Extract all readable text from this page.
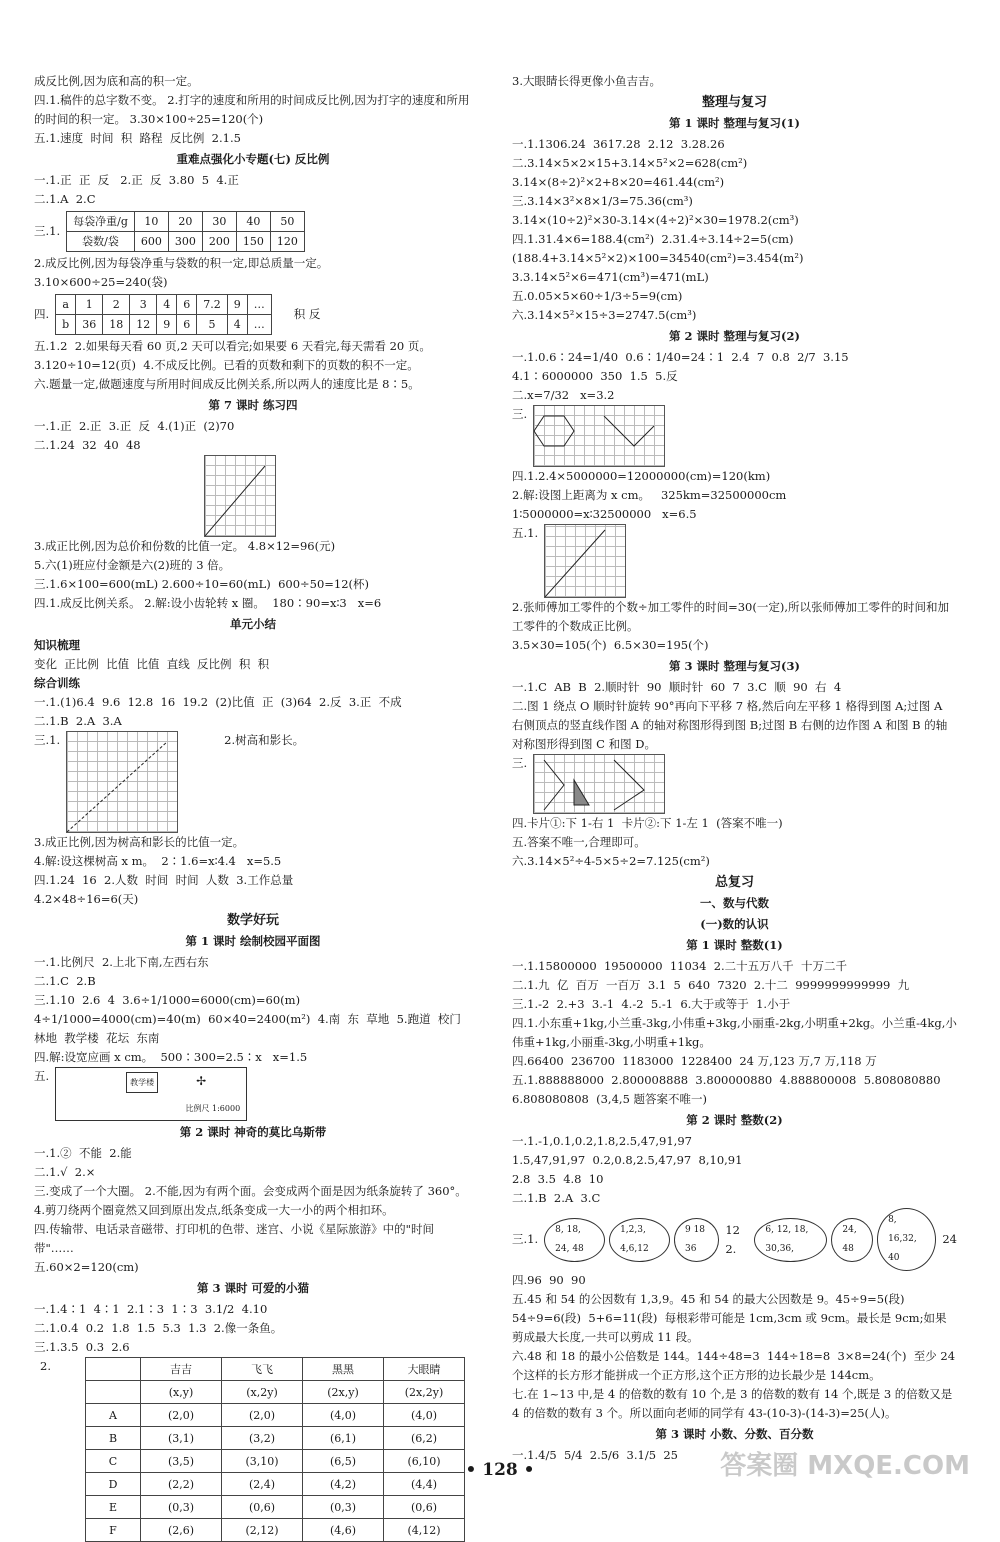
成反比例,因为底和高的积一定。
四.1.稿件的总字数不变。 2.打字的速度和所用的时间成反比例,因为打字的速度和所用的时间的积一定。 3.30×100÷25=120(个)
五.1.速度  时间  积  路程  反比例  2.1.5
重难点强化小专题(七) 反比例
一.1.正  正  反   2.正  反  3.80  5  4.正
二.1.A  2.C
三.1.
每袋净重/g	10	20	30	40	50
袋数/袋	600	300	200	150	120
2.成反比例,因为每袋净重与袋数的积一定,即总质量一定。
3.10×600÷25=240(袋)
四.
a	1	2	3	4	6	7.2	9	…
b	36	18	12	9	6	5	4	…
积 反
五.1.2  2.如果每天看 60 页,2 天可以看完;如果要 6 天看完,每天需看 20 页。3.120÷10=12(页)  4.不成反比例。已看的页数和剩下的页数的积不一定。
六.题量一定,做题速度与所用时间成反比例关系,所以两人的速度比是 8∶5。
第 7 课时 练习四
一.1.正  2.正  3.正  反  4.(1)正  (2)70
二.1.24  32  40  48
3.成正比例,因为总价和份数的比值一定。 4.8×12=96(元)
5.六(1)班应付金额是六(2)班的 3 倍。
三.1.6×100=600(mL) 2.600÷10=60(mL)  600÷50=12(杯)
四.1.成反比例关系。 2.解:设小齿轮转 x 圈。  180∶90=x∶3   x=6
单元小结
知识梳理
变化  正比例  比值  比值  直线  反比例  积  积
综合训练
一.1.(1)6.4  9.6  12.8  16  19.2  (2)比值  正  (3)64  2.反  3.正  不成
二.1.B  2.A  3.A
三.1.	2.树高和影长。
3.成正比例,因为树高和影长的比值一定。
4.解:设这棵树高 x m。  2∶1.6=x∶4.4   x=5.5
四.1.24  16  2.人数  时间  时间  人数  3.工作总量
4.2×48÷16=6(天)
数学好玩
第 1 课时 绘制校园平面图
一.1.比例尺  2.上北下南,左西右东
二.1.C  2.B
三.1.10  2.6  4  3.6÷1/1000=6000(cm)=60(m)  4÷1/1000=4000(cm)=40(m)  60×40=2400(m²)  4.南  东  草地  5.跑道  校门  林地  教学楼  花坛  东南
四.解:设宽应画 x cm。  500∶300=2.5∶x   x=1.5
五.	教学楼
比例尺 1:6000
✢
第 2 课时 神奇的莫比乌斯带
一.1.②  不能  2.能
二.1.√  2.×
三.变成了一个大圈。 2.不能,因为有两个面。会变成两个面是因为纸条旋转了 360°。 4.剪刀绕两个圈竟然又回到原出发点,纸条变成一大一小的两个相扣环。
四.传输带、电话录音磁带、打印机的色带、迷宫、小说《星际旅游》中的"时间带"……
五.60×2=120(cm)
第 3 课时 可爱的小猫
一.1.4∶1  4∶1  2.1∶3  1∶3  3.1/2  4.10
二.1.0.4  0.2  1.8  1.5  5.3  1.3  2.像一条鱼。
三.1.3.5  0.3  2.6
2.
		吉吉	飞飞	黑黑	大眼睛
	(x,y)	(x,2y)	(2x,y)	(2x,2y)
A	(2,0)	(2,0)	(4,0)	(4,0)
B	(3,1)	(3,2)	(6,1)	(6,2)
C	(3,5)	(3,10)	(6,5)	(6,10)
D	(2,2)	(2,4)	(4,2)	(4,4)
E	(0,3)	(0,6)	(0,3)	(0,6)
F	(2,6)	(2,12)	(4,6)	(4,12)
3.大眼睛长得更像小鱼吉吉。
整理与复习
第 1 课时 整理与复习(1)
一.1.1306.24  3617.28  2.12  3.28.26
二.3.14×5×2×15+3.14×5²×2=628(cm²)
3.14×(8÷2)²×2+8×20=461.44(cm²)
三.3.14×3²×8×1/3=75.36(cm³)
3.14×(10÷2)²×30-3.14×(4÷2)²×30=1978.2(cm³)
四.1.31.4×6=188.4(cm²)  2.31.4÷3.14÷2=5(cm)  (188.4+3.14×5²×2)×100=34540(cm²)=3.454(m²)  3.3.14×5²×6=471(cm³)=471(mL)
五.0.05×5×60÷1/3÷5=9(cm)
六.3.14×5²×15÷3=2747.5(cm³)
第 2 课时 整理与复习(2)
一.1.0.6∶24=1/40  0.6∶1/40=24∶1  2.4  7  0.8  2/7  3.15
4.1∶6000000  350  1.5  5.反
二.x=7/32   x=3.2
三.
四.1.2.4×5000000=12000000(cm)=120(km)
2.解:设图上距离为 x cm。   325km=32500000cm
1∶5000000=x∶32500000   x=6.5
五.1.
2.张师傅加工零件的个数÷加工零件的时间=30(一定),所以张师傅加工零件的时间和加工零件的个数成正比例。
3.5×30=105(个)  6.5×30=195(个)
第 3 课时 整理与复习(3)
一.1.C  AB  B  2.顺时针  90  顺时针  60  7  3.C  顺  90  右  4
二.图 1 绕点 O 顺时针旋转 90°再向下平移 7 格,然后向左平移 1 格得到图 A;过图 A 右侧顶点的竖直线作图 A 的轴对称图形得到图 B;过图 B 右侧的边作图 A 和图 B 的轴对称图形得到图 C 和图 D。
三.
四.卡片①:下 1-右 1  卡片②:下 1-左 1  (答案不唯一)
五.答案不唯一,合理即可。
六.3.14×5²÷4-5×5÷2=7.125(cm²)
总复习
一、数与代数
(一)数的认识
第 1 课时 整数(1)
一.1.15800000  19500000  11034  2.二十五万八千  十万二千
二.1.九  亿  百万  一百万  3.1  5  640  7320  2.十二  9999999999999  九
三.1.-2  2.+3  3.-1  4.-2  5.-1  6.大于或等于  1.小于
四.1.小东重+1kg,小兰重-3kg,小伟重+3kg,小丽重-2kg,小明重+2kg。小兰重-4kg,小伟重+1kg,小丽重-3kg,小明重+1kg。
四.66400  236700  1183000  1228400  24 万,123 万,7 万,118 万
五.1.888888000  2.800008888  3.800000880  4.888800008  5.808080880  6.808080808  (3,4,5 题答案不唯一)
第 2 课时 整数(2)
一.1.-1,0.1,0.2,1.8,2.5,47,91,97
1.5,47,91,97  0.2,0.8,2.5,47,97  8,10,91
2.8  3.5  4.8  10
二.1.B  2.A  3.C
三.1.
8, 18, 24, 48
1,2,3, 4,6,12
9 18 36
12 2.
6, 12, 18, 30,36,
24, 48
8, 16,32, 40
24
四.96  90  90
五.45 和 54 的公因数有 1,3,9。45 和 54 的最大公因数是 9。45÷9=5(段) 54÷9=6(段)  5+6=11(段)  每根彩带可能是 1cm,3cm 或 9cm。最长是 9cm;如果剪成最大长度,一共可以剪成 11 段。
六.48 和 18 的最小公倍数是 144。144÷48=3  144÷18=8  3×8=24(个)  至少 24 个这样的长方形才能拼成一个正方形,这个正方形的边长最少是 144cm。
七.在 1~13 中,是 4 的倍数的数有 10 个,是 3 的倍数的数有 14 个,既是 3 的倍数又是 4 的倍数的数有 3 个。所以面向老师的同学有 43-(10-3)-(14-3)=25(人)。
第 3 课时 小数、分数、百分数
一.1.4/5  5/4  2.5/6  3.1/5  25
• 128 •	答案圈 MXQE.COM
